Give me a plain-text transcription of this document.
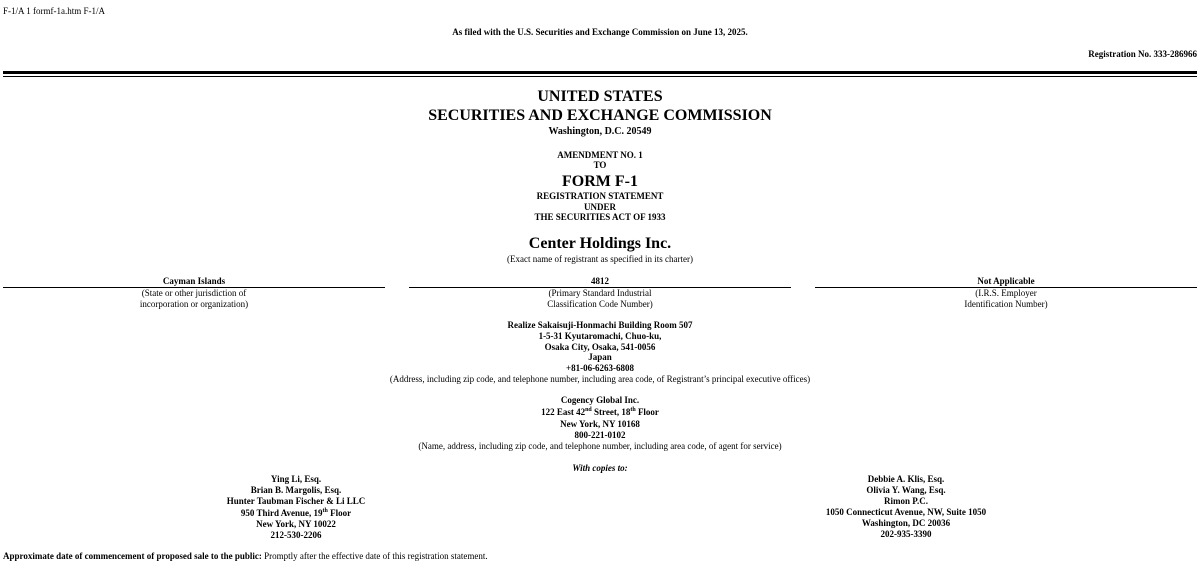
F-1/A 1 formf-1a.htm F-1/A
As filed with the U.S. Securities and Exchange Commission on June 13, 2025.
Registration No. 333-286966
UNITED STATES
SECURITIES AND EXCHANGE COMMISSION
Washington, D.C. 20549
AMENDMENT NO. 1
TO
FORM F-1
REGISTRATION STATEMENT
UNDER
THE SECURITIES ACT OF 1933
Center Holdings Inc.
(Exact name of registrant as specified in its charter)
Cayman Islands
(State or other jurisdiction of
incorporation or organization)
4812
(Primary Standard Industrial
Classification Code Number)
Not Applicable
(I.R.S. Employer
Identification Number)
Realize Sakaisuji-Honmachi Building Room 507
1-5-31 Kyutaromachi, Chuo-ku,
Osaka City, Osaka, 541-0056
Japan
+81-06-6263-6808
(Address, including zip code, and telephone number, including area code, of Registrant’s principal executive offices)
Cogency Global Inc.
122 East 42nd Street, 18th Floor
New York, NY 10168
800-221-0102
(Name, address, including zip code, and telephone number, including area code, of agent for service)
With copies to:
Ying Li, Esq.
Brian B. Margolis, Esq.
Hunter Taubman Fischer & Li LLC
950 Third Avenue, 19th Floor
New York, NY 10022
212-530-2206
Debbie A. Klis, Esq.
Olivia Y. Wang, Esq.
Rimon P.C.
1050 Connecticut Avenue, NW, Suite 1050
Washington, DC 20036
202-935-3390
Approximate date of commencement of proposed sale to the public: Promptly after the effective date of this registration statement.
